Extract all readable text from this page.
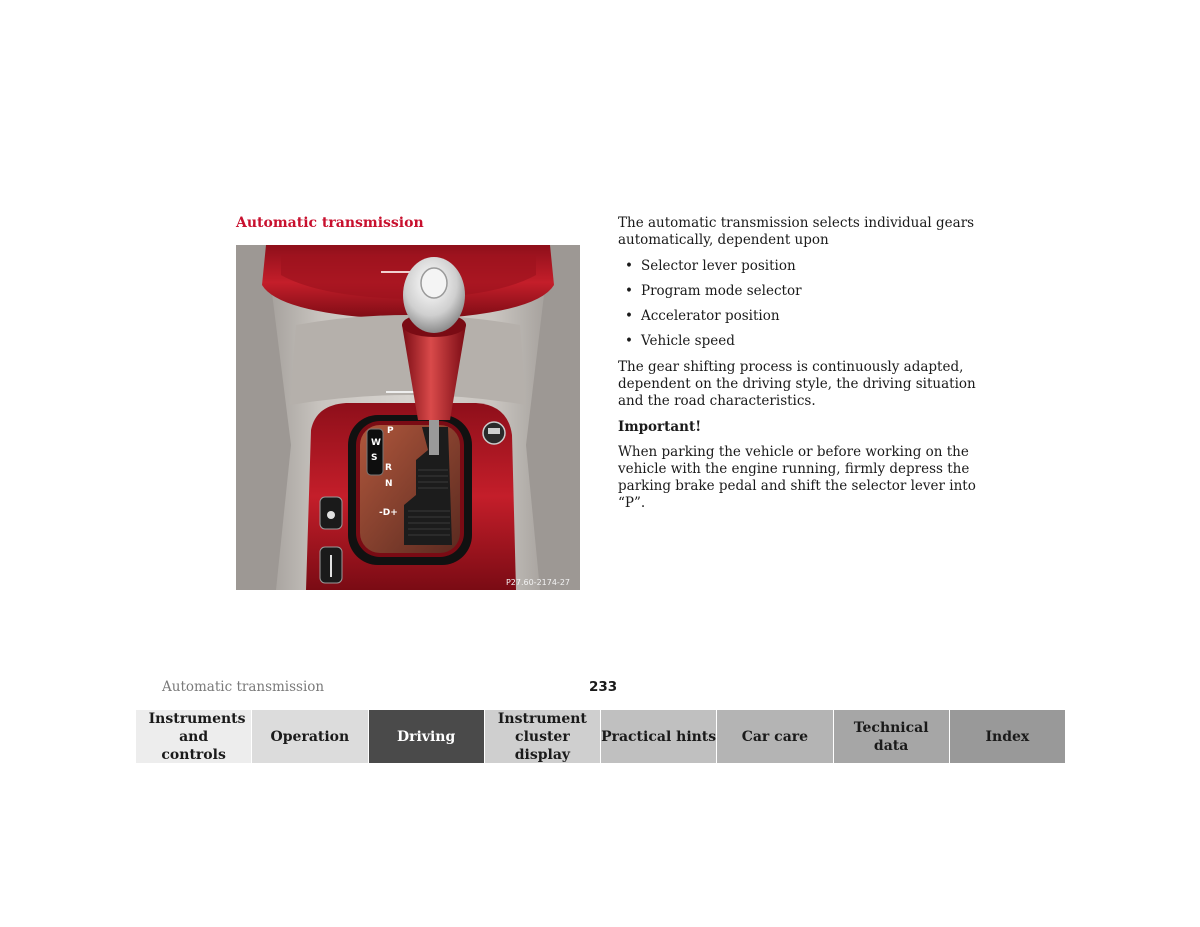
Automatic transmission
P
W
S
R
N
-D+
P27.60-2174-27

The automatic transmission selects individual gears automatically, dependent upon

• Selector lever position
• Program mode selector
• Accelerator position
• Vehicle speed

The gear shifting process is continuously adapted, dependent on the driving style, the driving situation and the road characteristics.

Important!

When parking the vehicle or before working on the vehicle with the engine running, firmly depress the parking brake pedal and shift the selector lever into “P”.

Automatic transmission	233
Instruments and controls
Operation	Driving
Instrument cluster display
Practical hints Car care
Technical data
Index
